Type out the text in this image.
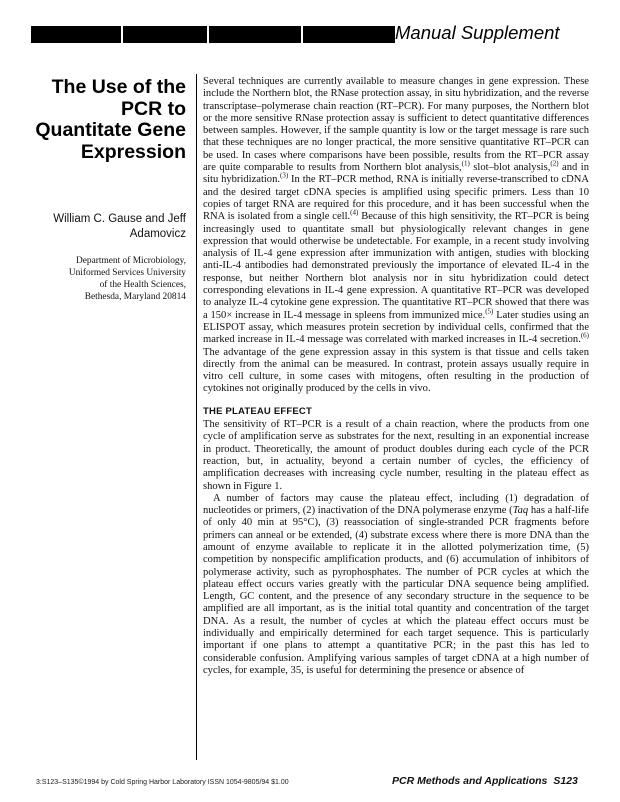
Manual Supplement
The Use of the PCR to Quantitate Gene Expression

William C. Gause and Jeff Adamovicz

Department of Microbiology,
Uniformed Services University
of the Health Sciences,
Bethesda, Maryland 20814

Several techniques are currently available to measure changes in gene expression. These include the Northern blot, the RNase protection assay, in situ hybridization, and the reverse transcriptase–polymerase chain reaction (RT–PCR). For many purposes, the Northern blot or the more sensitive RNase protection assay is sufficient to detect quantitative differences between samples. However, if the sample quantity is low or the target message is rare such that these techniques are no longer practical, the more sensitive quantitative RT–PCR can be used. In cases where comparisons have been possible, results from the RT–PCR assay are quite comparable to results from Northern blot analysis,$^{(1)}$ slot–blot analysis,$^{(2)}$ and in situ hybridization.$^{(3)}$ In the RT–PCR method, RNA is initially reverse-transcribed to cDNA and the desired target cDNA species is amplified using specific primers. Less than 10 copies of target RNA are required for this procedure, and it has been successful when the RNA is isolated from a single cell.$^{(4)}$ Because of this high sensitivity, the RT–PCR is being increasingly used to quantitate small but physiologically relevant changes in gene expression that would otherwise be undetectable. For example, in a recent study involving analysis of IL-4 gene expression after immunization with antigen, studies with blocking anti-IL-4 antibodies had demonstrated previously the importance of elevated IL-4 in the response, but neither Northern blot analysis nor in situ hybridization could detect corresponding elevations in IL-4 gene expression. A quantitative RT–PCR was developed to analyze IL-4 cytokine gene expression. The quantitative RT–PCR showed that there was a 150× increase in IL-4 message in spleens from immunized mice.$^{(5)}$ Later studies using an ELISPOT assay, which measures protein secretion by individual cells, confirmed that the marked increase in IL-4 message was correlated with marked increases in IL-4 secretion.$^{(6)}$ The advantage of the gene expression assay in this system is that tissue and cells taken directly from the animal can be measured. In contrast, protein assays usually require in vitro cell culture, in some cases with mitogens, often resulting in the production of cytokines not originally produced by the cells in vivo.

THE PLATEAU EFFECT

The sensitivity of RT–PCR is a result of a chain reaction, where the products from one cycle of amplification serve as substrates for the next, resulting in an exponential increase in product. Theoretically, the amount of product doubles during each cycle of the PCR reaction, but, in actuality, beyond a certain number of cycles, the efficiency of amplification decreases with increasing cycle number, resulting in the plateau effect as shown in Figure 1.

A number of factors may cause the plateau effect, including (1) degradation of nucleotides or primers, (2) inactivation of the DNA polymerase enzyme (Taq has a half-life of only 40 min at 95°C), (3) reassociation of single-stranded PCR fragments before primers can anneal or be extended, (4) substrate excess where there is more DNA than the amount of enzyme available to replicate it in the allotted polymerization time, (5) competition by nonspecific amplification products, and (6) accumulation of inhibitors of polymerase activity, such as pyrophosphates. The number of PCR cycles at which the plateau effect occurs varies greatly with the particular DNA sequence being amplified. Length, GC content, and the presence of any secondary structure in the sequence to be amplified are all important, as is the initial total quantity and concentration of the target DNA. As a result, the number of cycles at which the plateau effect occurs must be individually and empirically determined for each target sequence. This is particularly important if one plans to attempt a quantitative PCR; in the past this has led to considerable confusion. Amplifying various samples of target cDNA at a high number of cycles, for example, 35, is useful for determining the presence or absence of

3:S123–S135©1994 by Cold Spring Harbor Laboratory ISSN 1054-9805/94 $1.00	PCR Methods and Applications S123
